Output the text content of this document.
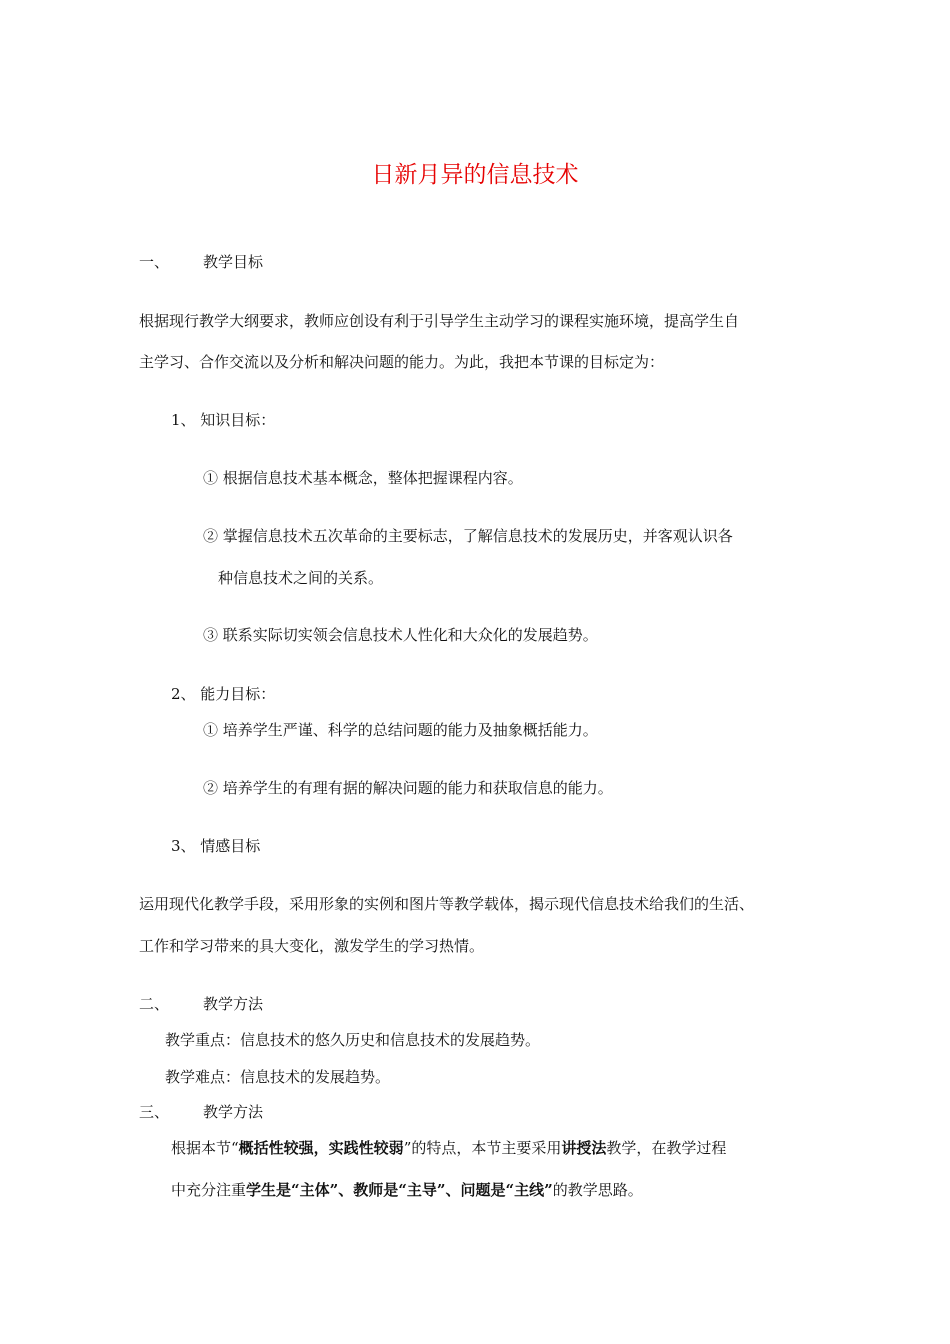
日新月异的信息技术
一、 教学目标
根据现行教学大纲要求，教师应创设有利于引导学生主动学习的课程实施环境，提高学生自
主学习、合作交流以及分析和解决问题的能力。为此，我把本节课的目标定为：
1、 知识目标：
① 根据信息技术基本概念，整体把握课程内容。
② 掌握信息技术五次革命的主要标志，了解信息技术的发展历史，并客观认识各
种信息技术之间的关系。
③ 联系实际切实领会信息技术人性化和大众化的发展趋势。
2、 能力目标：
① 培养学生严谨、科学的总结问题的能力及抽象概括能力。
② 培养学生的有理有据的解决问题的能力和获取信息的能力。
3、 情感目标
运用现代化教学手段，采用形象的实例和图片等教学载体，揭示现代信息技术给我们的生活、
工作和学习带来的具大变化，激发学生的学习热情。
二、 教学方法
教学重点：信息技术的悠久历史和信息技术的发展趋势。
教学难点：信息技术的发展趋势。
三、 教学方法
根据本节“概括性较强，实践性较弱”的特点，本节主要采用讲授法教学，在教学过程
中充分注重学生是“主体”、教师是“主导”、问题是“主线”的教学思路。
